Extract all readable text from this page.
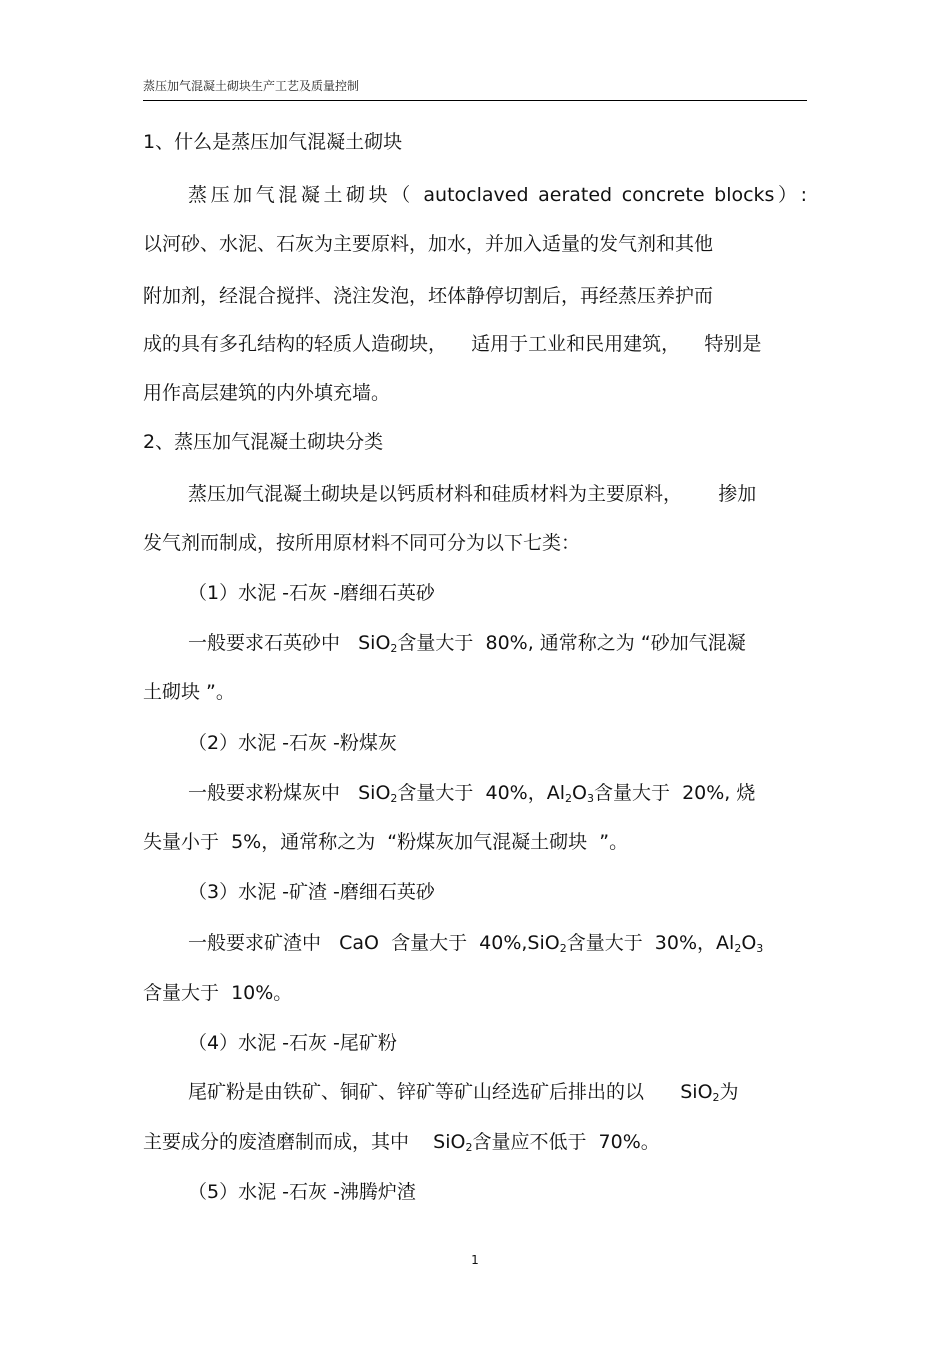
蒸压加气混凝土砌块生产工艺及质量控制
1、什么是蒸压加气混凝土砌块
蒸压加气混凝土砌块（ autoclaved aerated concrete blocks）:
以河砂、水泥、石灰为主要原料，加水，并加入适量的发气剂和其他
附加剂，经混合搅拌、浇注发泡，坯体静停切割后，再经蒸压养护而
成的具有多孔结构的轻质人造砌块，    适用于工业和民用建筑，    特别是
用作高层建筑的内外填充墙。
2、蒸压加气混凝土砌块分类
蒸压加气混凝土砌块是以钙质材料和硅质材料为主要原料，      掺加
发气剂而制成，按所用原材料不同可分为以下七类：
（1）水泥 -石灰 -磨细石英砂
一般要求石英砂中   SiO$_2$含量大于  80%, 通常称之为 “砂加气混凝
土砌块 ”。
（2）水泥 -石灰 -粉煤灰
一般要求粉煤灰中   SiO$_2$含量大于  40%，$Al_2O_3$含量大于  20%, 烧
失量小于  5%，通常称之为  “粉煤灰加气混凝土砌块  ”。
（3）水泥 -矿渣 -磨细石英砂
一般要求矿渣中   CaO  含量大于  40%,SiO$_2$含量大于  30%，$Al_2O_3$
含量大于  10%。
（4）水泥 -石灰 -尾矿粉
尾矿粉是由铁矿、铜矿、锌矿等矿山经选矿后排出的以      SiO$_2$为
主要成分的废渣磨制而成，其中    SiO$_2$含量应不低于  70%。
（5）水泥 -石灰 -沸腾炉渣
1
